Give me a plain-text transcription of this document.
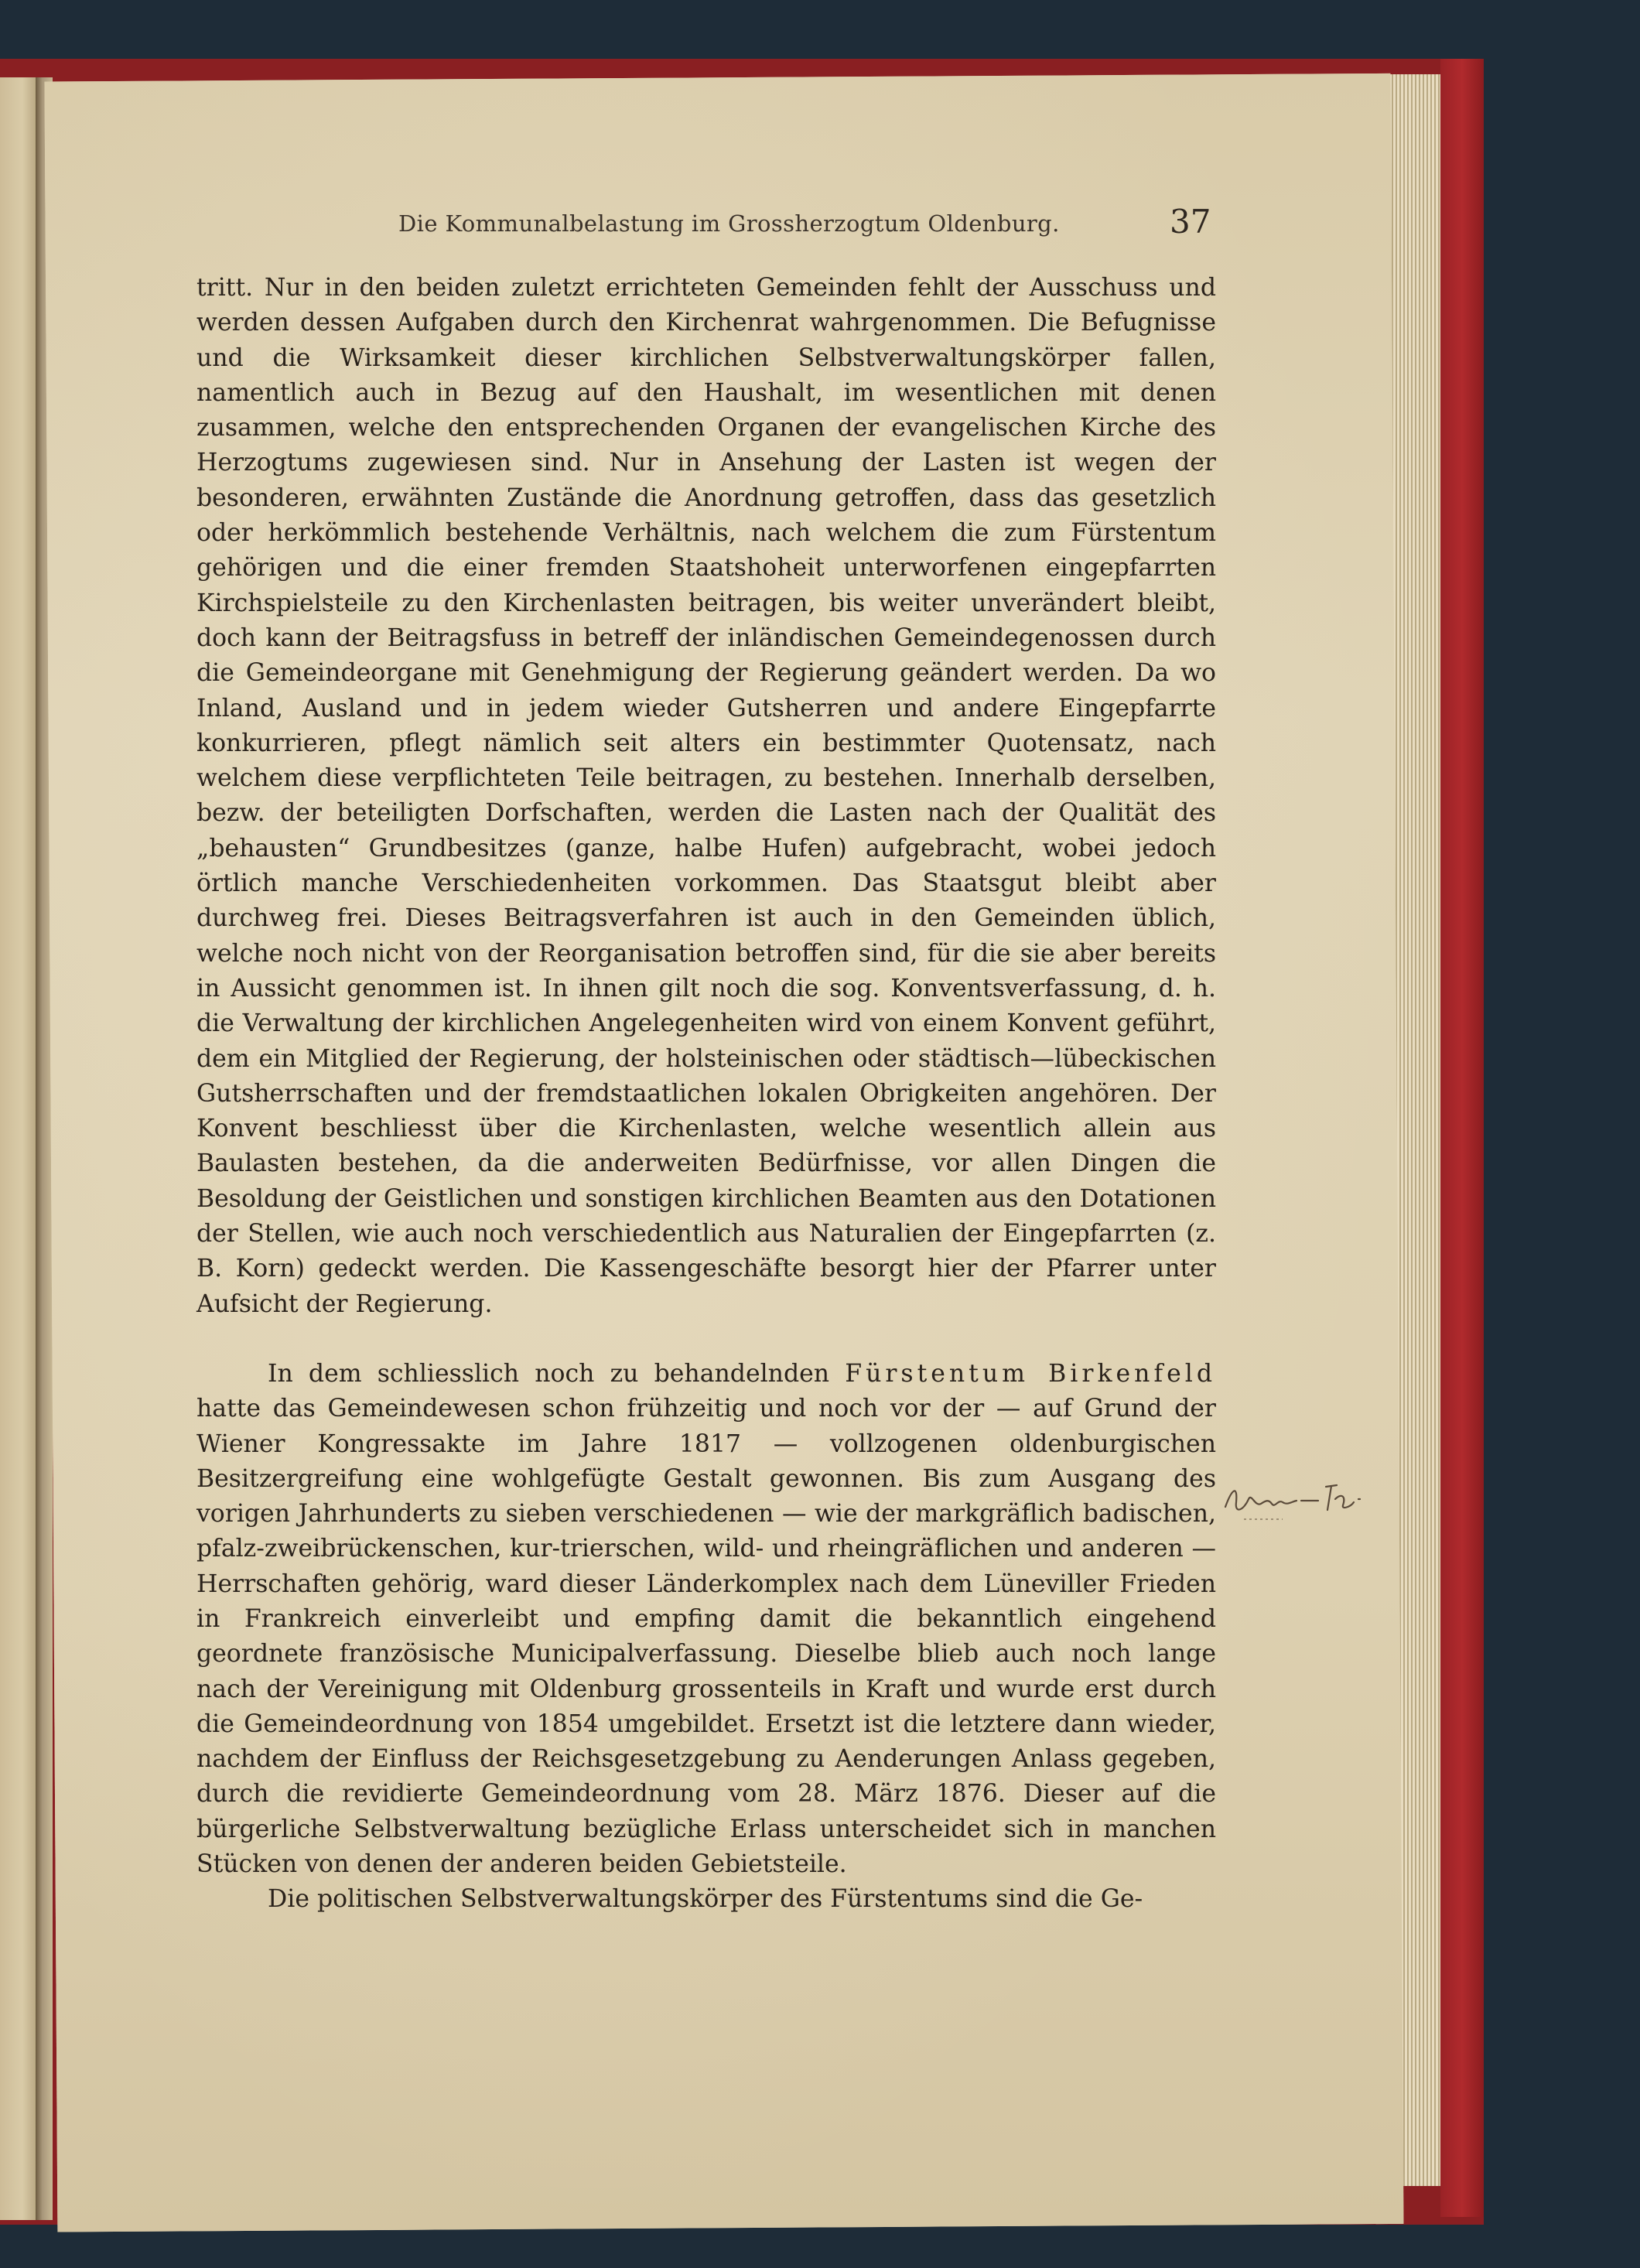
Die Kommunalbelastung im Grossherzogtum Oldenburg.	37

tritt. Nur in den beiden zuletzt errichteten Gemeinden fehlt der Ausschuss und werden dessen Aufgaben durch den Kirchenrat wahrgenommen. Die Befugnisse und die Wirksamkeit dieser kirchlichen Selbstverwaltungskörper fallen, namentlich auch in Bezug auf den Haushalt, im wesentlichen mit denen zusammen, welche den entsprechenden Organen der evangelischen Kirche des Herzogtums zugewiesen sind. Nur in Ansehung der Lasten ist wegen der besonderen, erwähnten Zustände die Anordnung getroffen, dass das gesetzlich oder herkömmlich bestehende Verhältnis, nach welchem die zum Fürstentum gehörigen und die einer fremden Staatshoheit unterworfenen eingepfarrten Kirchspielsteile zu den Kirchenlasten beitragen, bis weiter unverändert bleibt, doch kann der Beitragsfuss in betreff der inländischen Gemeindegenossen durch die Gemeindeorgane mit Genehmigung der Regierung geändert werden. Da wo Inland, Ausland und in jedem wieder Gutsherren und andere Eingepfarrte konkurrieren, pflegt nämlich seit alters ein bestimmter Quotensatz, nach welchem diese verpflichteten Teile beitragen, zu bestehen. Innerhalb derselben, bezw. der beteiligten Dorfschaften, werden die Lasten nach der Qualität des „behausten“ Grundbesitzes (ganze, halbe Hufen) aufgebracht, wobei jedoch örtlich manche Verschiedenheiten vorkommen. Das Staatsgut bleibt aber durchweg frei. Dieses Beitragsverfahren ist auch in den Gemeinden üblich, welche noch nicht von der Reorganisation betroffen sind, für die sie aber bereits in Aussicht genommen ist. In ihnen gilt noch die sog. Konventsverfassung, d. h. die Verwaltung der kirchlichen Angelegenheiten wird von einem Konvent geführt, dem ein Mitglied der Regierung, der holsteinischen oder städtisch—lübeckischen Gutsherrschaften und der fremdstaatlichen lokalen Obrigkeiten angehören. Der Konvent beschliesst über die Kirchenlasten, welche wesentlich allein aus Baulasten bestehen, da die anderweiten Bedürfnisse, vor allen Dingen die Besoldung der Geistlichen und sonstigen kirchlichen Beamten aus den Dotationen der Stellen, wie auch noch verschiedentlich aus Naturalien der Eingepfarrten (z. B. Korn) gedeckt werden. Die Kassengeschäfte besorgt hier der Pfarrer unter Aufsicht der Regierung.

In dem schliesslich noch zu behandelnden Fürstentum Birkenfeld hatte das Gemeindewesen schon frühzeitig und noch vor der — auf Grund der Wiener Kongressakte im Jahre 1817 — vollzogenen oldenburgischen Besitzergreifung eine wohlgefügte Gestalt gewonnen. Bis zum Ausgang des vorigen Jahrhunderts zu sieben verschiedenen — wie der markgräflich badischen, pfalz-zweibrückenschen, kur-trierschen, wild- und rheingräflichen und anderen — Herrschaften gehörig, ward dieser Länderkomplex nach dem Lüneviller Frieden in Frankreich einverleibt und empfing damit die bekanntlich eingehend geordnete französische Municipalverfassung. Dieselbe blieb auch noch lange nach der Vereinigung mit Oldenburg grossenteils in Kraft und wurde erst durch die Gemeindeordnung von 1854 umgebildet. Ersetzt ist die letztere dann wieder, nachdem der Einfluss der Reichsgesetzgebung zu Aenderungen Anlass gegeben, durch die revidierte Gemeindeordnung vom 28. März 1876. Dieser auf die bürgerliche Selbstverwaltung bezügliche Erlass unterscheidet sich in manchen Stücken von denen der anderen beiden Gebietsteile.

Die politischen Selbstverwaltungskörper des Fürstentums sind die Ge-
